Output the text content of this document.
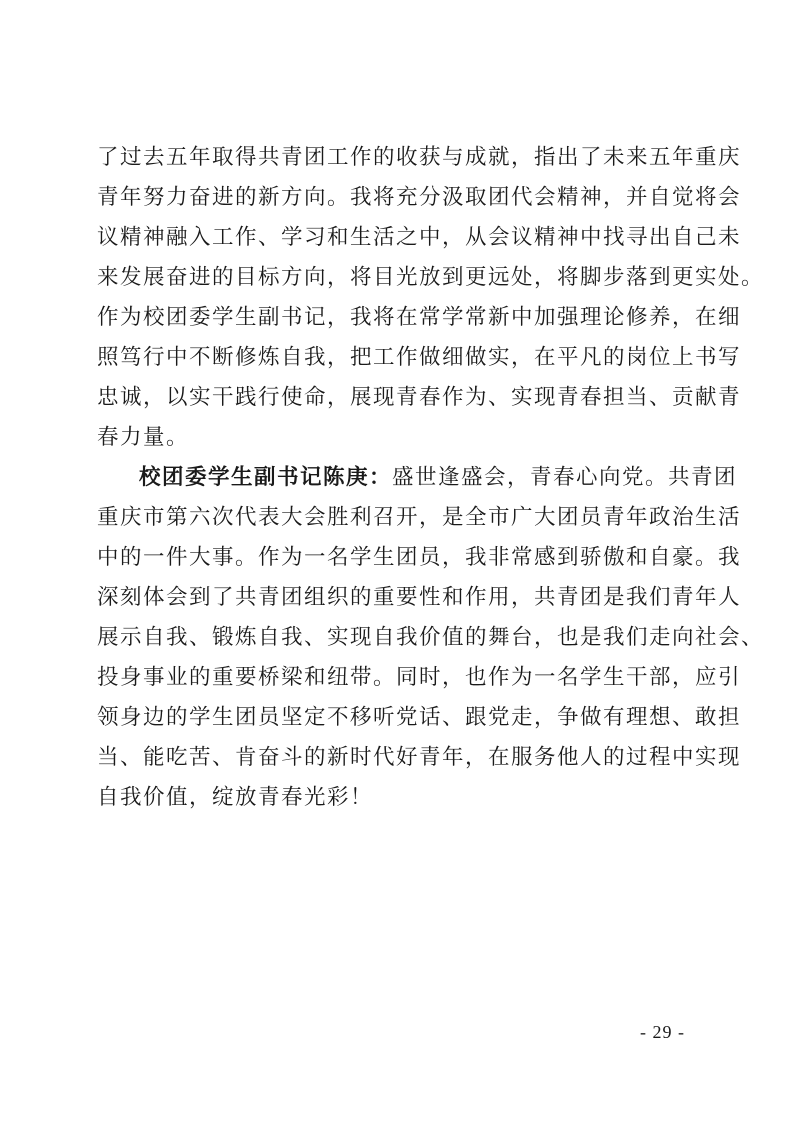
了过去五年取得共青团工作的收获与成就，指出了未来五年重庆
青年努力奋进的新方向。我将充分汲取团代会精神，并自觉将会
议精神融入工作、学习和生活之中，从会议精神中找寻出自己未
来发展奋进的目标方向，将目光放到更远处，将脚步落到更实处。
作为校团委学生副书记，我将在常学常新中加强理论修养，在细
照笃行中不断修炼自我，把工作做细做实，在平凡的岗位上书写
忠诚，以实干践行使命，展现青春作为、实现青春担当、贡献青
春力量。
校团委学生副书记陈庚：盛世逢盛会，青春心向党。共青团
重庆市第六次代表大会胜利召开，是全市广大团员青年政治生活
中的一件大事。作为一名学生团员，我非常感到骄傲和自豪。我
深刻体会到了共青团组织的重要性和作用，共青团是我们青年人
展示自我、锻炼自我、实现自我价值的舞台，也是我们走向社会、
投身事业的重要桥梁和纽带。同时，也作为一名学生干部，应引
领身边的学生团员坚定不移听党话、跟党走，争做有理想、敢担
当、能吃苦、肯奋斗的新时代好青年，在服务他人的过程中实现
自我价值，绽放青春光彩！
- 29 -
